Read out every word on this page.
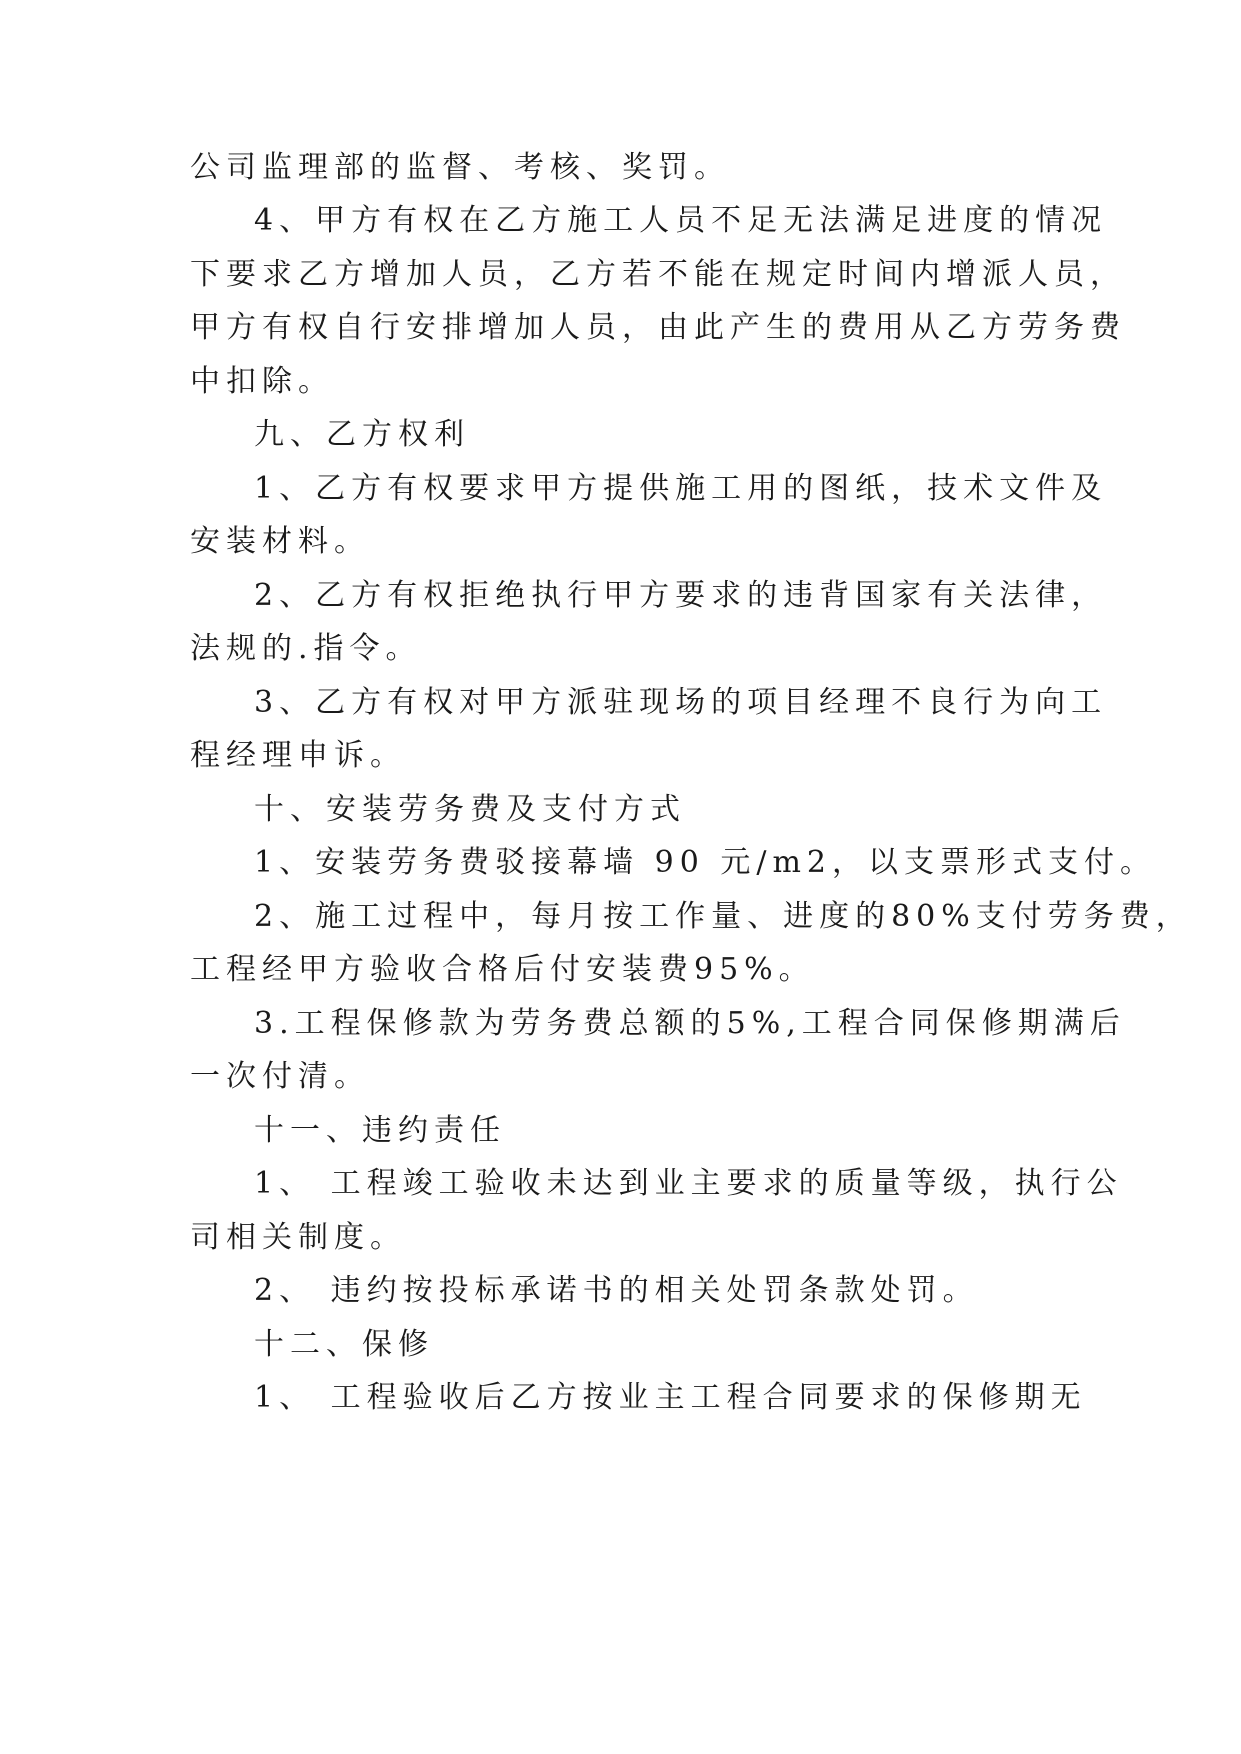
公司监理部的监督、考核、奖罚。
4、甲方有权在乙方施工人员不足无法满足进度的情况
下要求乙方增加人员，乙方若不能在规定时间内增派人员，
甲方有权自行安排增加人员，由此产生的费用从乙方劳务费
中扣除。
九、乙方权利
1、乙方有权要求甲方提供施工用的图纸，技术文件及
安装材料。
2、乙方有权拒绝执行甲方要求的违背国家有关法律，
法规的.指令。
3、乙方有权对甲方派驻现场的项目经理不良行为向工
程经理申诉。
十、安装劳务费及支付方式
1、安装劳务费驳接幕墙 90 元/m2，以支票形式支付。
2、施工过程中，每月按工作量、进度的80%支付劳务费，
工程经甲方验收合格后付安装费95%。
3.工程保修款为劳务费总额的5%,工程合同保修期满后
一次付清。
十一、违约责任
1、 工程竣工验收未达到业主要求的质量等级，执行公
司相关制度。
2、 违约按投标承诺书的相关处罚条款处罚。
十二、保修
1、 工程验收后乙方按业主工程合同要求的保修期无
